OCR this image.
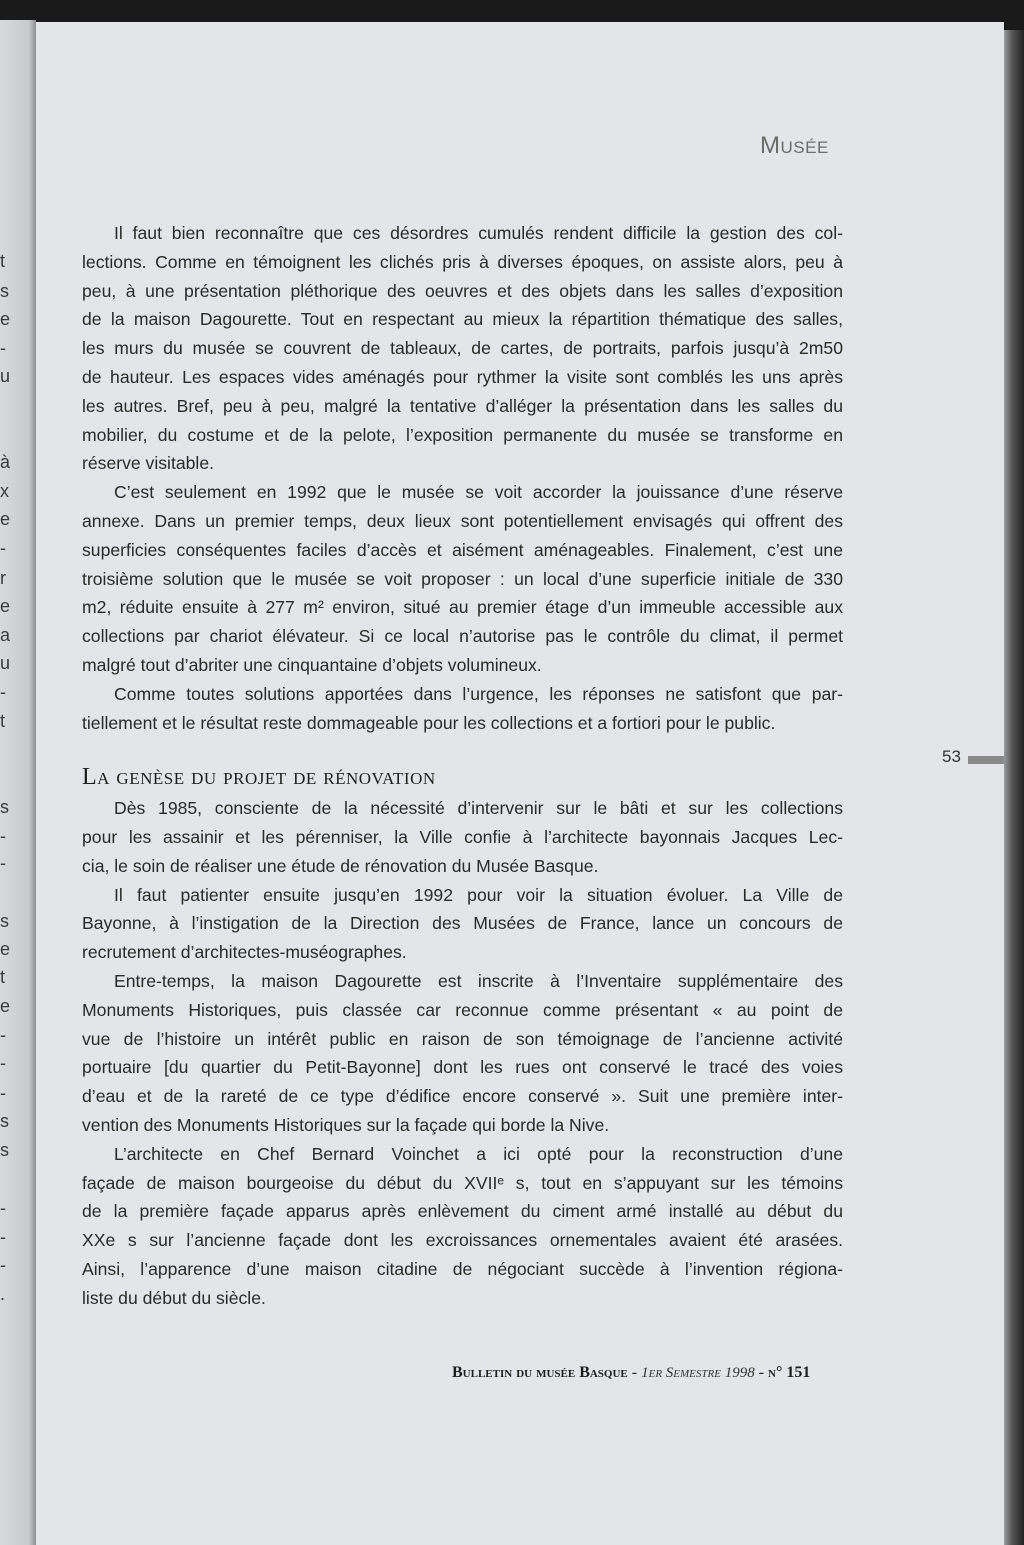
t
s
e
-
u
à
x
e
-
r
e
a
u
-
t
s
-
-
s
e
t
e
-
-
-
s
s
-
-
-
.
Musée
Il faut bien reconnaître que ces désordres cumulés rendent difficile la gestion des col-
lections. Comme en témoignent les clichés pris à diverses époques, on assiste alors, peu à
peu, à une présentation pléthorique des oeuvres et des objets dans les salles d’exposition
de la maison Dagourette. Tout en respectant au mieux la répartition thématique des salles,
les murs du musée se couvrent de tableaux, de cartes, de portraits, parfois jusqu’à 2m50
de hauteur. Les espaces vides aménagés pour rythmer la visite sont comblés les uns après
les autres. Bref, peu à peu, malgré la tentative d’alléger la présentation dans les salles du
mobilier, du costume et de la pelote, l’exposition permanente du musée se transforme en
réserve visitable.
C’est seulement en 1992 que le musée se voit accorder la jouissance d’une réserve
annexe. Dans un premier temps, deux lieux sont potentiellement envisagés qui offrent des
superficies conséquentes faciles d’accès et aisément aménageables. Finalement, c’est une
troisième solution que le musée se voit proposer : un local d’une superficie initiale de 330
m2, réduite ensuite à 277 m² environ, situé au premier étage d’un immeuble accessible aux
collections par chariot élévateur. Si ce local n’autorise pas le contrôle du climat, il permet
malgré tout d’abriter une cinquantaine d’objets volumineux.
Comme toutes solutions apportées dans l’urgence, les réponses ne satisfont que par-
tiellement et le résultat reste dommageable pour les collections et a fortiori pour le public.
La genèse du projet de rénovation
Dès 1985, consciente de la nécessité d’intervenir sur le bâti et sur les collections
pour les assainir et les pérenniser, la Ville confie à l’architecte bayonnais Jacques Lec-
cia, le soin de réaliser une étude de rénovation du Musée Basque.
Il faut patienter ensuite jusqu’en 1992 pour voir la situation évoluer. La Ville de
Bayonne, à l’instigation de la Direction des Musées de France, lance un concours de
recrutement d’architectes-muséographes.
Entre-temps, la maison Dagourette est inscrite à l’Inventaire supplémentaire des
Monuments Historiques, puis classée car reconnue comme présentant « au point de
vue de l’histoire un intérêt public en raison de son témoignage de l’ancienne activité
portuaire [du quartier du Petit-Bayonne] dont les rues ont conservé le tracé des voies
d’eau et de la rareté de ce type d’édifice encore conservé ». Suit une première inter-
vention des Monuments Historiques sur la façade qui borde la Nive.
L’architecte en Chef Bernard Voinchet a ici opté pour la reconstruction d’une
façade de maison bourgeoise du début du XVIIᵉ s, tout en s’appuyant sur les témoins
de la première façade apparus après enlèvement du ciment armé installé au début du
XXe s sur l’ancienne façade dont les excroissances ornementales avaient été arasées.
Ainsi, l’apparence d’une maison citadine de négociant succède à l’invention régiona-
liste du début du siècle.
53
Bulletin du musée Basque - 1er Semestre 1998 - n° 151
